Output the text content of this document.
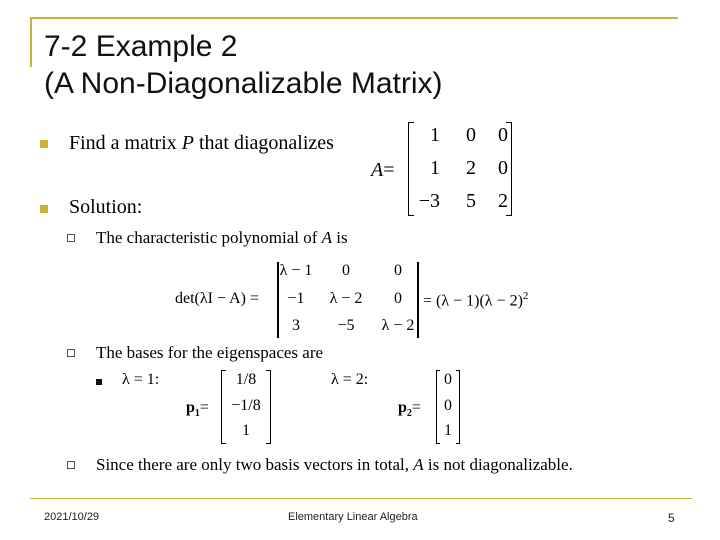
7-2 Example 2
(A Non-Diagonalizable Matrix)
Find a matrix P that diagonalizes
A=
1	0	0
1	2	0
−3	5	2
Solution:
The characteristic polynomial of A is
det(λI − A) =
λ − 1	0	0
−1	λ − 2	0
3	−5	λ − 2
= $(\lambda - 1)(\lambda - 2)^2$
The bases for the eigenspaces are
λ = 1:	λ = 2:
$p_1=$
1/8
−1/8
1
$p_2=$
0
0
1
Since there are only two basis vectors in total, A is not diagonalizable.
2021/10/29	Elementary Linear Algebra	5
